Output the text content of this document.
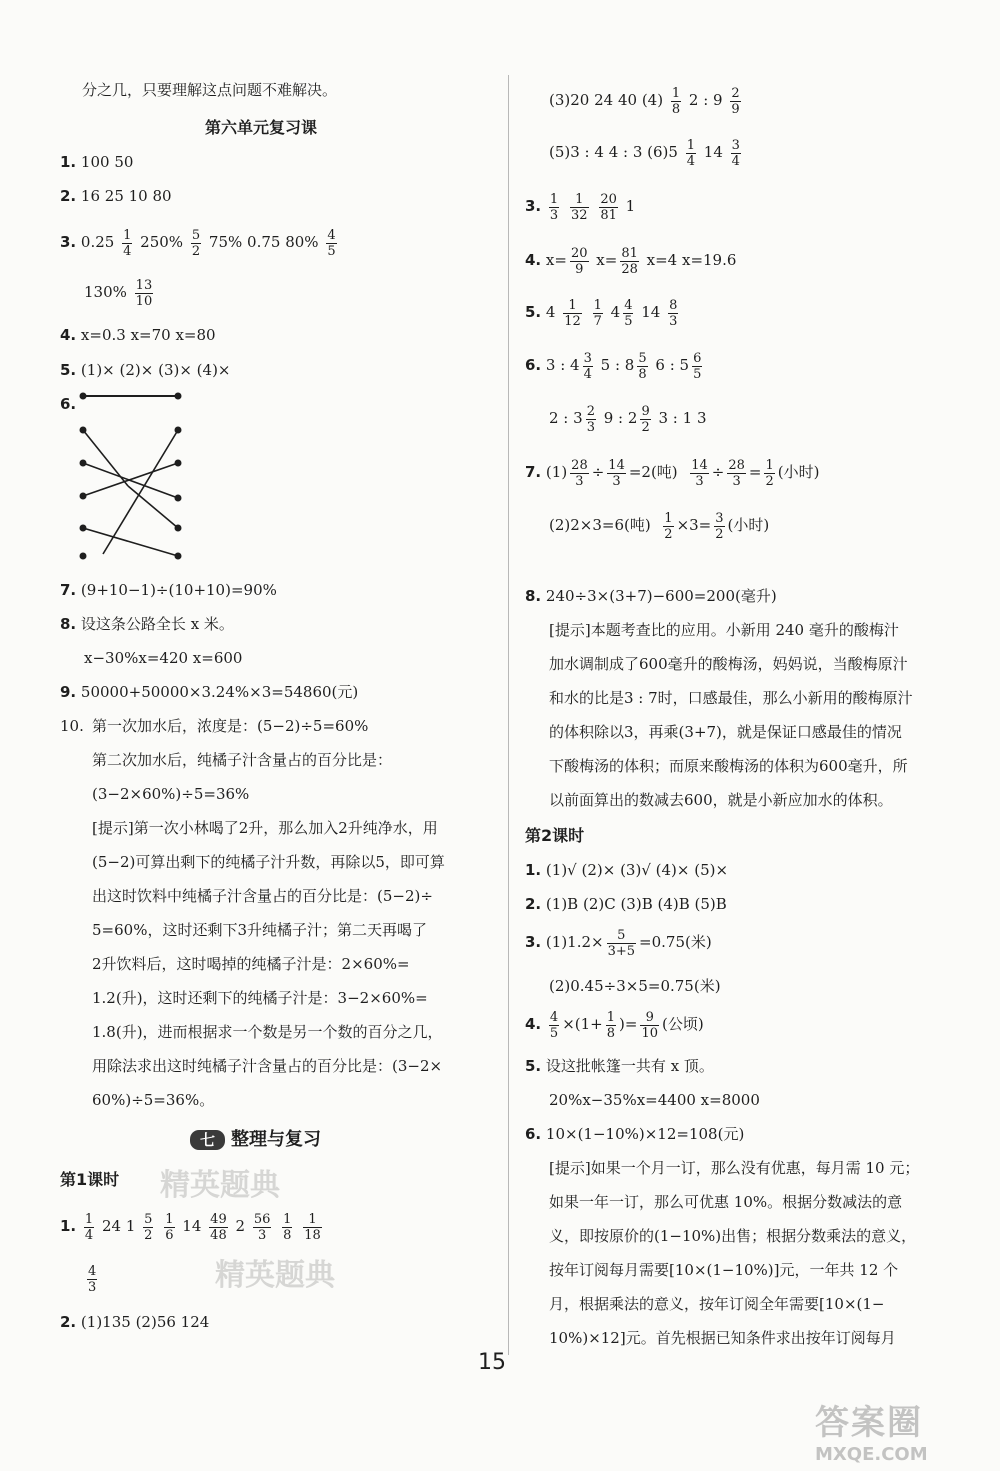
分之几，只要理解这点问题不难解决。
第六单元复习课
1. 100 50
2. 16 25 10 80
3. $0.25 \frac{1}{4} 250\% \frac{5}{2} 75\%$ 0.75 $80\% \frac{4}{5}$
$130\% \frac{13}{10}$
4. x=0.3 x=70 x=80
5. (1)× (2)× (3)× (4)×
6.
7. (9+10−1)÷(10+10)=90%
8. 设这条公路全长 x 米。
x−30%x=420 x=600
9. 50000+50000×3.24%×3=54860(元)
10. 第一次加水后，浓度是：(5−2)÷5=60%
第二次加水后，纯橘子汁含量占的百分比是：
(3−2×60%)÷5=36%
[提示]第一次小林喝了2升，那么加入2升纯净水，用
(5−2)可算出剩下的纯橘子汁升数，再除以5，即可算
出这时饮料中纯橘子汁含量占的百分比是：(5−2)÷
5=60%，这时还剩下3升纯橘子汁；第二天再喝了
2升饮料后，这时喝掉的纯橘子汁是：2×60%=
1.2(升)，这时还剩下的纯橘子汁是：3−2×60%=
1.8(升)，进而根据求一个数是另一个数的百分之几，
用除法求出这时纯橘子汁含量占的百分比是：(3−2×
60%)÷5=36%。
七 整理与复习
第1课时 精英题典
1. $\frac{1}{4} 24$ $1 \frac{5}{2}$
$\frac{1}{6} 14 \frac{49}{48} 2 \frac{56}{3}$
$\frac{1}{8}$
$\frac{1}{18}$
$\frac{4}{3}$	精英题典
2. (1)135 (2)56 124
(3)20 24 40 $(4) \frac{1}{8} 2$ : $9 \frac{2}{9}$
(5)3 : 4 4 : 3 $(6)5 \frac{1}{4} 14 \frac{3}{4}$
3. $\frac{1}{3}$
$\frac{1}{32}$
$\frac{20}{81} 1$
4. $x= \frac{20}{9} x= \frac{81}{28} x=4$ x=19.6
5. $4 \frac{1}{12}$
$\frac{1}{7} 4 \frac{4}{5} 14 \frac{8}{3}$
6. 3 : $4 \frac{3}{4} 5$ : $8 \frac{5}{8} 6$ : $5 \frac{6}{5}$
2 : $3 \frac{2}{3} 9$ : $2 \frac{9}{2} 3$ : 1 3
7. $(1) \frac{28}{3} \div \frac{14}{3} =2$(吨) $\frac{14}{3} \div \frac{28}{3} = \frac{1}{2}$ (小时)
(2)2×3=6(吨) $\frac{1}{2} \times 3= \frac{3}{2}$ (小时)
8. 240÷3×(3+7)−600=200(毫升)
[提示]本题考查比的应用。小新用 240 毫升的酸梅汁
加水调制成了600毫升的酸梅汤，妈妈说，当酸梅原汁
和水的比是3 : 7时，口感最佳，那么小新用的酸梅原汁
的体积除以3，再乘(3+7)，就是保证口感最佳的情况
下酸梅汤的体积；而原来酸梅汤的体积为600毫升，所
以前面算出的数减去600，就是小新应加水的体积。
第2课时
1. (1)√ (2)× (3)√ (4)× (5)×
2. (1)B (2)C (3)B (4)B (5)B
3. $(1)1.2\times \frac{5}{3+5} =0.75$(米)
(2)0.45÷3×5=0.75(米)
4. $\frac{4}{5} \times(1+ \frac{1}{8}$ )= $\frac{9}{10}$ (公顷)
5. 设这批帐篷一共有 x 顶。
20%x−35%x=4400 x=8000
6. 10×(1−10%)×12=108(元)
[提示]如果一个月一订，那么没有优惠，每月需 10 元；
如果一年一订，那么可优惠 10%。根据分数减法的意
义，即按原价的(1−10%)出售；根据分数乘法的意义，
按年订阅每月需要[10×(1−10%)]元，一年共 12 个
月，根据乘法的意义，按年订阅全年需要[10×(1−
10%)×12]元。首先根据已知条件求出按年订阅每月
15
答案圈
MXQE.COM
